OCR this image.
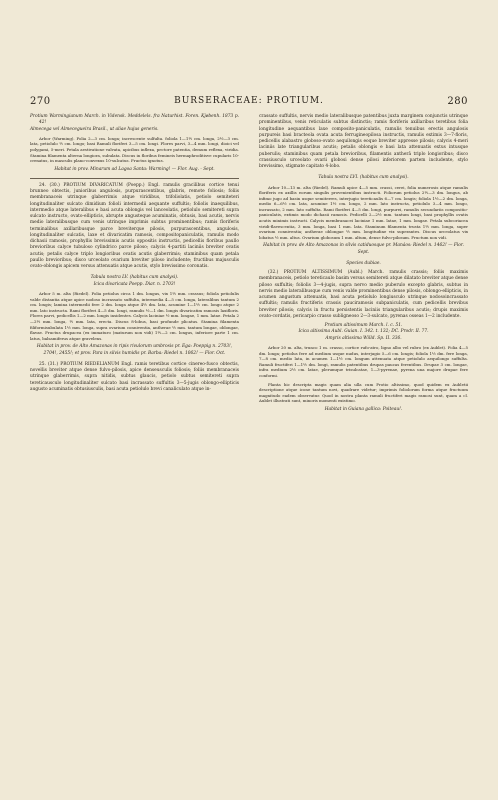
270	BURSERACEAE: PROTIUM.	280

Protium Warmingianum March. in Vidensk. Meddelels. fra Naturhist. Foren. Kjøbenh. 1873 p. 42!

Almecega vel Almecegueira Brasil., ut aliae hujus generis.

Arbor (Warming). Folia 2—3 cm. longa; increscente sulfulta. foliola 1—1½ cm. longa, 2½—3 cm. lata, petiolulo ½ cm. longo; basi Ramuli floriferi 3—5 cm. longi. Flores parvi, 3—4 mm. longi, dioici vel polygami, 5-meri. Petala aestivatione valvata, apicibus inflexa, pectore patentia, demum reflexa, viridia. Stamina filamenta alterna longiora, subulata. Discus in floribus femineis hermaphroditisve cupularis 10-crenatus, in masculis plano-convexus 10-sulcatus. Fructus ignotus.

Habitat in prov. Minarum ad Lagoa Santa: Warming! — Flor. Aug. - Sept.

24. (30.) PROTIUM DIVARICATUM (Poepp.) Engl. ramulis gracilibus cortice tenui brunneo obtectis, junioribus angulosis, purpurascentibus, glabris, remote foliosis; foliis membranaceis utrinque glaberrimis atque viridibus, trifoliolatis, petiolo semiteteri longitudinaliter sulcato dimidium folioli intermedii aequante suffultis; foliolis inaequilibus, intermedio atque lateralibus e basi acuta oblongis vel lanceolatis, petiolulo semitereti supra sulcato instructo, ovato-ellipticis, abrupte angusteque acuminatis, obtusis, basi acutis, nervis medio lateralibusque cum venis utrinque imprimis subtus prominentibus; ramis floriferis terminalibus axillaribusque parce breviterque pilosis, purpurascentibus, angulosis, longitudinaliter sulcatis, laxe et divaricatim ramosis, compositopaniculatis, ramulis modo dichasii ramosis, prophyllis brevissimis acutis oppositis instructis, pedicellis floribus paullo brevioribus calyce tubuloso cylindrico parce piloso; calycis 4-partiti laciniis breviter ovatis acutis; petalis calyce triplo longioribus ovatis acutis glaberrimis; staminibus quam petala paullo brevioribus; disco urceolato ovarium breviter piloso includente; fructibus majusculis ovato-oblongis apicem versus attenuatis atque acutis, stylo brevissimo coronatis.

Tabula nostra LV. (habitus cum analysi).

Icica divaricata Poepp. Diar. n. 2703!

Arbor 5 m. alta (Riedel). Folia petiolus circa 1 dm. longus, vix 1½ mm. crassus; foliola petiolulis valde distantia atque apice nodoso incrassato suffulta, intermedia 4—5 cm. longa, lateralibus tantum 2 cm. longis; lamina intermedii fere 2 dm. longa atque 4½ dm. lata, acumine 1—1½ cm. longo atque 2 mm. lato instructa. Rami floriferi 4—5 dm. longi, ramulis ½—1 dm. longis divaricatim ramosis laxifloris. Flores parvi, pedicellis 1—2 mm. longis insidentes. Calycis laciniae ½ mm. longae, 1 mm. latae. Petala 2—2½ mm. longa, ½ mm. lata, erecta. Discus 8-lobus, basi profunde plicatus. Stamina filamenta filiformisubulata 1½ mm. longa, supra ovarium conniventia, antherae ½ mm. tantum longae, oblongae, flavae. Fructus drupacea (ex immaturo (maturum non vidi) 1½—2 cm. longus, inferiore parte 1 cm. latus, balsamiferus atque gravelens.

Habitat in prov. de Alto Amazonas in ripis rivulorum umbrosis pr. Ega: Poeppig n. 2703!, 2704!, 2455!; et prov. Para in silvis humidis pr. Barba: Riedel n. 1062! — Flor. Oct.

25. (31.) PROTIUM RIEDELIANUM Engl. ramis teretibus cortice cinereo-fusco obtectis, novellis breviter atque dense fulvo-pilosis, apice denseusculis foliosis; foliis membranaceis utrinque glaberrimis, supra nitidis, subtus glaucis, petiolo subtus semitereti supra tereticausculo longitudinaliter sulcato basi incrassato suffultis 3—5-jugis oblongo-ellipticis augusto acuminatis obtusiusculis, basi acuta petiolulo brevi canaliculato atque in-

crassato suffultis, nervis medio lateralibusque patentibus juxta marginem conjunctis utrinque prominentibus, venis reticulatis subtus distinctis; ramis floriferis axillaribus teretibus folia longitudine aequantibus laxe composito-paniculatis, ramulis tenuibus erectis angulosis purpureis basi bracteola ovata acuta ferrugineopilosa instructis, ramulis extimis 3—7-floris, pedicellis alabastro globoso-ovato aequilongis eoque breviter appresse pilosis; calycis 4-meri laciniis late triangularibus acutis; petalis oblongis e basi lata attenuatis extus intusque puberulis; staminibus quam petala brevioribus, filamentis antherâ triplo longioribus; disco crassiusculo urceolato ovarii globosi dense pilosi inferiorem partem includente, stylo brevissimo, stigmate capitato 4-lobo.

Tabula nostra LVI. (habitus cum analysi).

Arbor 10—13 m. alta (Riedel). Ramuli apice 4—5 mm. crassi, cerei, folia numerosis atque ramulis floriferis ex axillis eorum singulis provenientibus instructi. Foliorum petiolus 2½—3 dm. longus, ab infimo jugo ad basin usque semiterres, interjugio tereticaulis 6—7 cm. longis; foliola 1½—2 dm. longa, medio 6—6½ cm. lata, acumine 1½ cm. longo, 2 mm. lato instructa, petiolulo 3—4 mm. longo, incrassato, 2 mm. lato suffulta. Rami floriferi 4—5 dm. longi, purpurei, ramulis secundariis compositio-paniculatis, extimis modo dichasii ramosis. Pedicelli 2—2½ mm. tantum longi, basi prophyllis ovatis acutis minimis instructi. Calycis membranacei laciniae 1 mm. latae, 1 mm. longae. Petala subcoriacea viridi-flavescentia, 3 mm. longa, basi 1 mm. lata. Staminum filamenta trusta 1½ mm. longa, super ovarium conniventia; antherae oblongae ½ mm. longitudine vix superantes. Discus urceolatus vix lobatus ½ mm. altus. Ovarium globosum 1 mm. altum, dense fulvo-pilosum. Fructum non vidi.

Habitat in prov. de Alto Amazonas in silvis catiduosque pr. Manáos: Riedel n. 1462! — Flor. Sept.

Species dubiae.

(32.) PROTIUM ALTISSIMUM (Aubl.) March. ramulis crassis; foliis maximis membranaceis, petiolo tereticaulo basim versus semitereti atque dilatato breviter atque dense piloso suffultis; foliolis 3—4-jugis, supra nervo medio puberulo excepto glabris, subtus in nervis medio lateralibusque cum venis valde prominentibus dense pilosis, oblongo-ellipticis, in acumen angustum attenuatis, basi acuta petiolulo longiusculo utrinque nodosoincrassato suffultis; ramulis fructiferis crassis pauciramosis subpaniculatis, cum pedicellis brevibus breviter pilosis; calycis in fructu persistentis laciniis triangularibus acutis; drupis maximis ovato-cordatis, pericarpio crasso subligneoso 2—3-sulcato, pyrenas osseas 1—2 includente.

Protium altissimum March. l. c. 51.

Icica altissima Aubl. Guian. I. 342. t. 132; DC. Prodr. II. 77.

Amyris altissima Willd. Sp. II. 336.

Arbor 20 m. alta, trunco 1 m. crasso, cortice rufo-atro, ligno albo vel rubro (ex Aublet). Folia 4—5 dm. longa; petiolus fere ad medium usque nudus, interjugio 5—6 cm. longis; foliola 1½ dm. fere longa, 7—8 cm. medio lata, in acumen 1—1½ cm. longum attenuata atque petiolulo aequilongo suffulta. Ramuli fructiferi 1—1½ dm. longi, ramulis patentibus drupas paucas ferentibus. Drupae 3 cm. longae, infra medium 2½ cm. latae, plerumque trisulcatae, 1—3-pyrenae, pyrena una majore drupae fere conformi.

Planta hic descripta magis quam alia ulla cum Protio altissimo, quod quidem ex Aubletii descriptione atque icone tantum novi, quadrare videtur; imprimis foliolorum forma atque fructuum magnitudo eadem observatur. Quod in nostra planta ramuli fructiferi magis ramosi sunt, quam a cl. Aublet illustrati sunt, minoris momenti existimo.

Habitat in Guiana gallica: Poiteau!.
